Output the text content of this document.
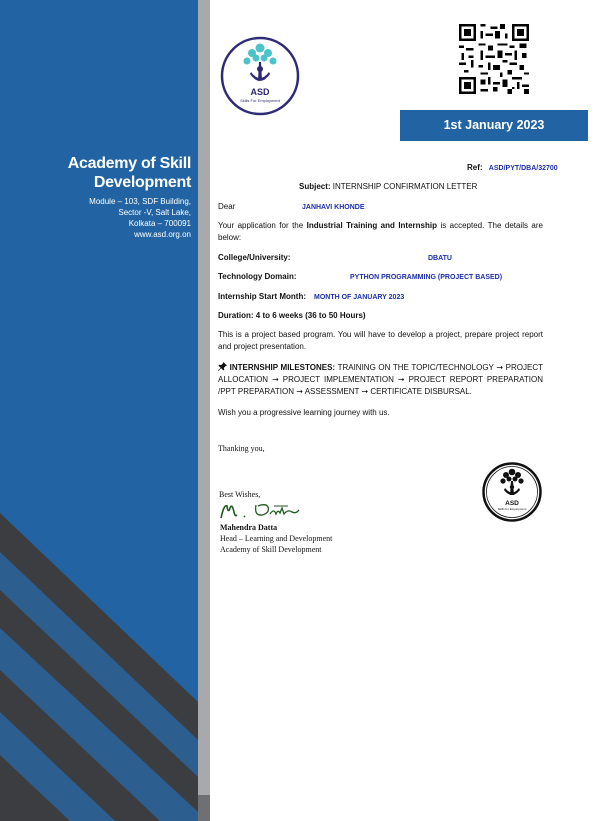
Academy of Skill
Development
Module – 103, SDF Building,
Sector -V, Salt Lake,
Kolkata – 700091
www.asd.org.on
ASD
Skills For Employment
1st January 2023
Ref: ASD/PYT/DBA/32700
Subject: INTERNSHIP CONFIRMATION LETTER
Dear	JANHAVI KHONDE
Your application for the Industrial Training and Internship is accepted. The details are below:
College/University:	DBATU
Technology Domain:	PYTHON PROGRAMMING (PROJECT BASED)
Internship Start Month: MONTH OF JANUARY 2023
Duration: 4 to 6 weeks (36 to 50 Hours)
This is a project based program. You will have to develop a project, prepare project report and project presentation.
INTERNSHIP MILESTONES: TRAINING ON THE TOPIC/TECHNOLOGY ➞ PROJECT ALLOCATION ➞ PROJECT IMPLEMENTATION ➞ PROJECT REPORT PREPARATION /PPT PREPARATION ➞ ASSESSMENT ➞ CERTIFICATE DISBURSAL.
Wish you a progressive learning journey with us.
Thanking you,
Best Wishes,
M. Datta
Mahendra Datta
Head – Learning and Development
Academy of Skill Development
ASD
Skills for Employment
